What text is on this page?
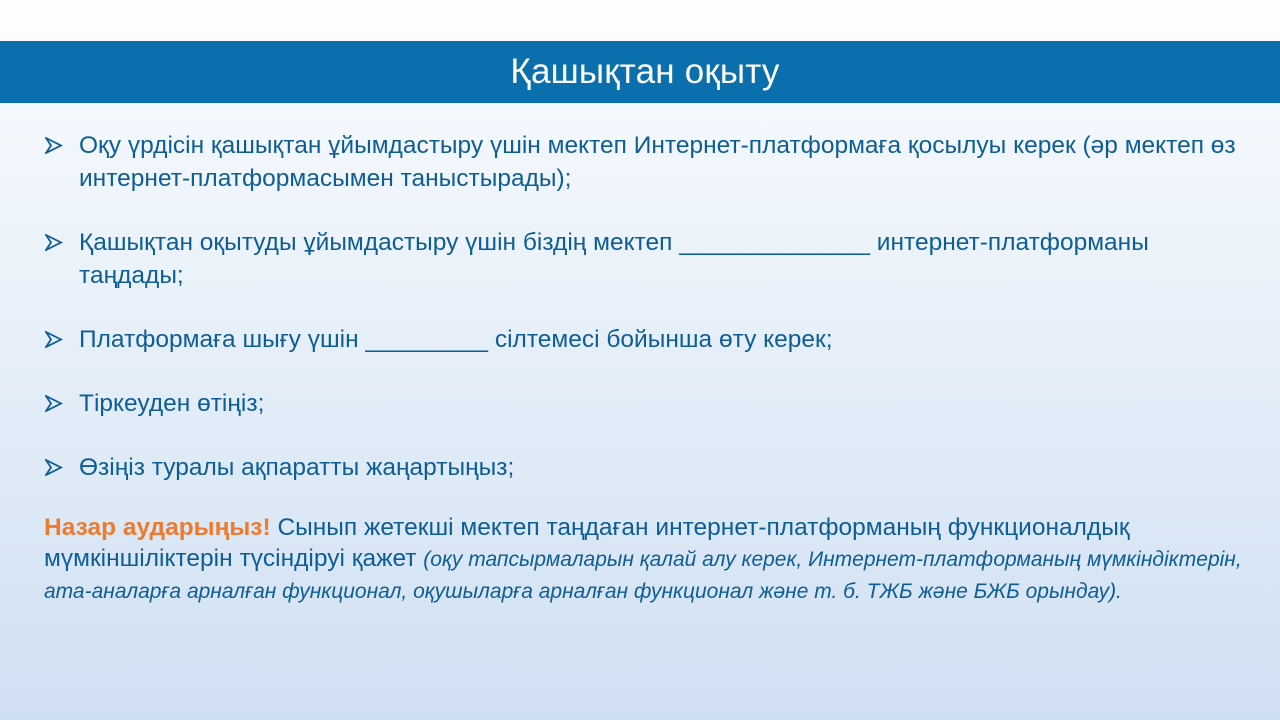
Қашықтан оқыту
Оқу үрдісін қашықтан ұйымдастыру үшін мектеп Интернет-платформаға қосылуы керек (әр мектеп өз интернет-платформасымен таныстырады);
Қашықтан оқытуды ұйымдастыру үшін біздің мектеп ______________ интернет-платформаны таңдады;
Платформаға шығу үшін _________ сілтемесі бойынша өту керек;
Тіркеуден өтіңіз;
Өзіңіз туралы ақпаратты жаңартыңыз;
Назар аударыңыз! Сынып жетекші мектеп таңдаған интернет-платформаның функционалдық мүмкіншіліктерін түсіндіруі қажет (оқу тапсырмаларын қалай алу керек, Интернет-платформаның мүмкіндіктерін, ата-аналарға арналған функционал, оқушыларға арналған функционал және т. б. ТЖБ және БЖБ орындау).
